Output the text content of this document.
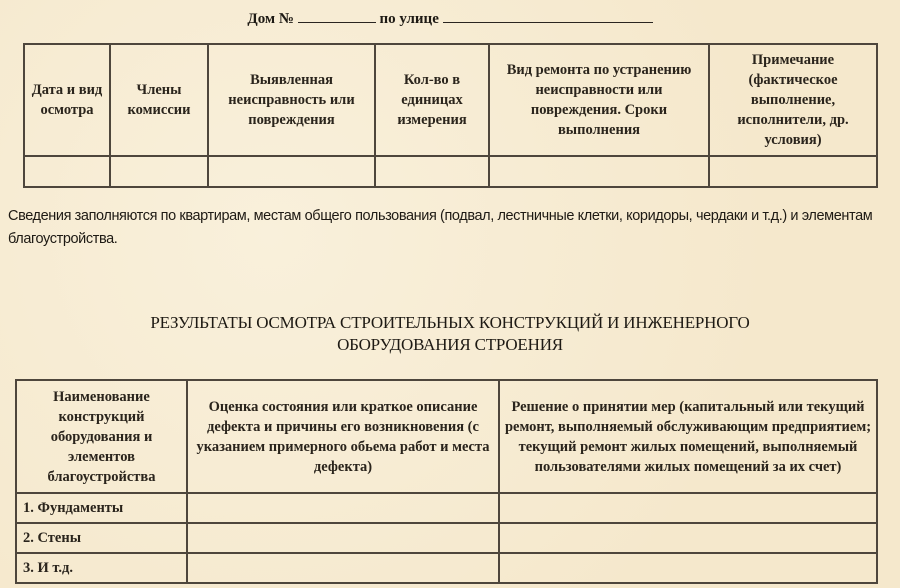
Дом №	по улице
Дата и вид осмотра	Члены комиссии	Выявленная неисправность или повреждения	Кол-во в единицах измерения	Вид ремонта по устранению неисправности или повреждения. Сроки выполнения	Примечание (фактическое выполнение, исполнители, др. условия)

Сведения заполняются по квартирам, местам общего пользования (подвал, лестничные клетки, коридоры, чердаки и т.д.) и элементам благоустройства.
РЕЗУЛЬТАТЫ ОСМОТРА СТРОИТЕЛЬНЫХ КОНСТРУКЦИЙ И ИНЖЕНЕРНОГО
ОБОРУДОВАНИЯ СТРОЕНИЯ
Наименование конструкций оборудования и элементов благоустройства	Оценка состояния или краткое описание дефекта и причины его возникновения (с указанием примерного обьема работ и места дефекта)	Решение о принятии мер (капитальный или текущий ремонт, выполняемый обслуживающим предприятием; текущий ремонт жилых помещений, выполняемый пользователями жилых помещений за их счет)
1. Фундаменты		
2. Стены		
3. И т.д.		
